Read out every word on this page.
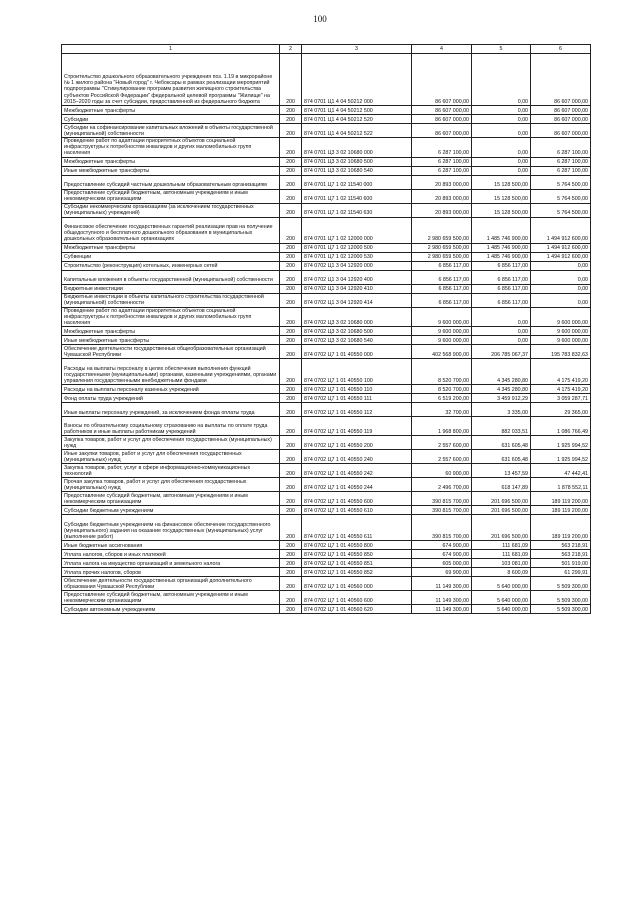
100
1	2	3	4	5	6
Строительство дошкольного образовательного учреждения поз. 1.19 в микрорайоне № 1 жилого района "Новый город" г. Чебоксары в рамках реализации мероприятий подпрограммы "Стимулирование программ развития жилищного строительства субъектов Российской Федерации" федеральной целевой программы "Жилище" на 2015–2020 годы за счет субсидии, предоставленной из федерального бюджета	200	874 0701 Ц1 4 04 50212 000	86 607 000,00	0,00	86 607 000,00
Межбюджетные трансферты	200	874 0701 Ц1 4 04 50212 500	86 607 000,00	0,00	86 607 000,00
Субсидии	200	874 0701 Ц1 4 04 50212 520	86 607 000,00	0,00	86 607 000,00
Субсидии на софинансирование капитальных вложений в объекты государственной (муниципальной) собственности	200	874 0701 Ц1 4 04 50212 522	86 607 000,00	0,00	86 607 000,00
Проведение работ по адаптации приоритетных объектов социальной инфраструктуры к потребностям инвалидов и других маломобильных групп населения	200	874 0701 Ц3 3 02 10680 000	6 287 100,00	0,00	6 287 100,00
Межбюджетные трансферты	200	874 0701 Ц3 3 02 10680 500	6 287 100,00	0,00	6 287 100,00
Иные межбюджетные трансферты	200	874 0701 Ц3 3 02 10680 540	6 287 100,00	0,00	6 287 100,00
Предоставление субсидий частным дошкольным образовательным организациям	200	874 0701 Ц7 1 02 11540 000	20 893 000,00	15 128 500,00	5 764 500,00
Предоставление субсидий бюджетным, автономным учреждениям и иным некоммерческим организациям	200	874 0701 Ц7 1 02 11540 600	20 893 000,00	15 128 500,00	5 764 500,00
Субсидии некоммерческим организациям (за исключением государственных (муниципальных) учреждений)	200	874 0701 Ц7 1 02 11540 630	20 893 000,00	15 128 500,00	5 764 500,00
Финансовое обеспечение государственных гарантий реализации прав на получение общедоступного и бесплатного дошкольного образования в муниципальных дошкольных образовательных организациях	200	874 0701 Ц7 1 02 12000 000	2 980 659 500,00	1 485 746 900,00	1 494 912 600,00
Межбюджетные трансферты	200	874 0701 Ц7 1 02 12000 500	2 980 659 500,00	1 485 746 900,00	1 494 912 600,00
Субвенции	200	874 0701 Ц7 1 02 12000 530	2 980 659 500,00	1 485 746 900,00	1 494 912 600,00
Строительство (реконструкция) котельных, инженерных сетей	200	874 0702 Ц1 3 04 12920 000	6 856 117,00	6 856 117,00	0,00
Капитальные вложения в объекты государственной (муниципальной) собственности	200	874 0702 Ц1 3 04 12920 400	6 856 117,00	6 856 117,00	0,00
Бюджетные инвестиции	200	874 0702 Ц1 3 04 12920 410	6 856 117,00	6 856 117,00	0,00
Бюджетные инвестиции в объекты капитального строительства государственной (муниципальной) собственности	200	874 0702 Ц1 3 04 12920 414	6 856 117,00	6 856 117,00	0,00
Проведение работ по адаптации приоритетных объектов социальной инфраструктуры к потребностям инвалидов и других маломобильных групп населения	200	874 0702 Ц3 3 02 10680 000	9 600 000,00	0,00	9 600 000,00
Межбюджетные трансферты	200	874 0702 Ц3 3 02 10680 500	9 600 000,00	0,00	9 600 000,00
Иные межбюджетные трансферты	200	874 0702 Ц3 3 02 10680 540	9 600 000,00	0,00	9 600 000,00
Обеспечение деятельности государственных общеобразовательных организаций Чувашской Республики	200	874 0702 Ц7 1 01 40550 000	402 568 900,00	206 785 067,37	195 783 832,63
Расходы на выплаты персоналу в целях обеспечения выполнения функций государственными (муниципальными) органами, казенными учреждениями, органами управления государственными внебюджетными фондами	200	874 0702 Ц7 1 01 40550 100	8 520 700,00	4 345 280,80	4 175 419,20
Расходы на выплаты персоналу казенных учреждений	200	874 0702 Ц7 1 01 40550 110	8 520 700,00	4 345 280,80	4 175 419,20
Фонд оплаты труда учреждений	200	874 0702 Ц7 1 01 40550 111	6 519 200,00	3 459 912,29	3 059 287,71
Иные выплаты персоналу учреждений, за исключением фонда оплаты труда	200	874 0702 Ц7 1 01 40550 112	32 700,00	3 335,00	29 365,00
Взносы по обязательному социальному страхованию на выплаты по оплате труда работников и иные выплаты работникам учреждений	200	874 0702 Ц7 1 01 40550 119	1 968 800,00	882 033,51	1 086 766,49
Закупка товаров, работ и услуг для обеспечения государственных (муниципальных) нужд	200	874 0702 Ц7 1 01 40550 200	2 557 600,00	631 605,48	1 925 994,52
Иные закупки товаров, работ и услуг для обеспечения государственных (муниципальных) нужд	200	874 0702 Ц7 1 01 40550 240	2 557 600,00	631 605,48	1 925 994,52
Закупка товаров, работ, услуг в сфере информационно-коммуникационных технологий	200	874 0702 Ц7 1 01 40550 242	60 900,00	13 457,59	47 442,41
Прочая закупка товаров, работ и услуг для обеспечения государственных (муниципальных) нужд	200	874 0702 Ц7 1 01 40550 244	2 496 700,00	618 147,89	1 878 552,11
Предоставление субсидий бюджетным, автономным учреждениям и иным некоммерческим организациям	200	874 0702 Ц7 1 01 40550 600	390 815 700,00	201 696 500,00	189 119 200,00
Субсидии бюджетным учреждениям	200	874 0702 Ц7 1 01 40550 610	390 815 700,00	201 696 500,00	189 119 200,00
Субсидии бюджетным учреждениям на финансовое обеспечение государственного (муниципального) задания на оказание государственных (муниципальных) услуг (выполнение работ)	200	874 0702 Ц7 1 01 40550 611	390 815 700,00	201 696 500,00	189 119 200,00
Иные бюджетные ассигнования	200	874 0702 Ц7 1 01 40550 800	674 900,00	111 681,09	563 218,91
Уплата налогов, сборов и иных платежей	200	874 0702 Ц7 1 01 40550 850	674 900,00	111 681,09	563 218,91
Уплата налога на имущество организаций и земельного налога	200	874 0702 Ц7 1 01 40550 851	605 000,00	103 081,00	501 919,00
Уплата прочих налогов, сборов	200	874 0702 Ц7 1 01 40550 852	69 900,00	8 600,09	61 299,91
Обеспечение деятельности государственных организаций дополнительного образования Чувашской Республики	200	874 0702 Ц7 1 01 40560 000	11 149 300,00	5 640 000,00	5 509 300,00
Предоставление субсидий бюджетным, автономным учреждениям и иным некоммерческим организациям	200	874 0702 Ц7 1 01 40560 600	11 149 300,00	5 640 000,00	5 509 300,00
Субсидии автономным учреждениям	200	874 0702 Ц7 1 01 40560 620	11 149 300,00	5 640 000,00	5 509 300,00
